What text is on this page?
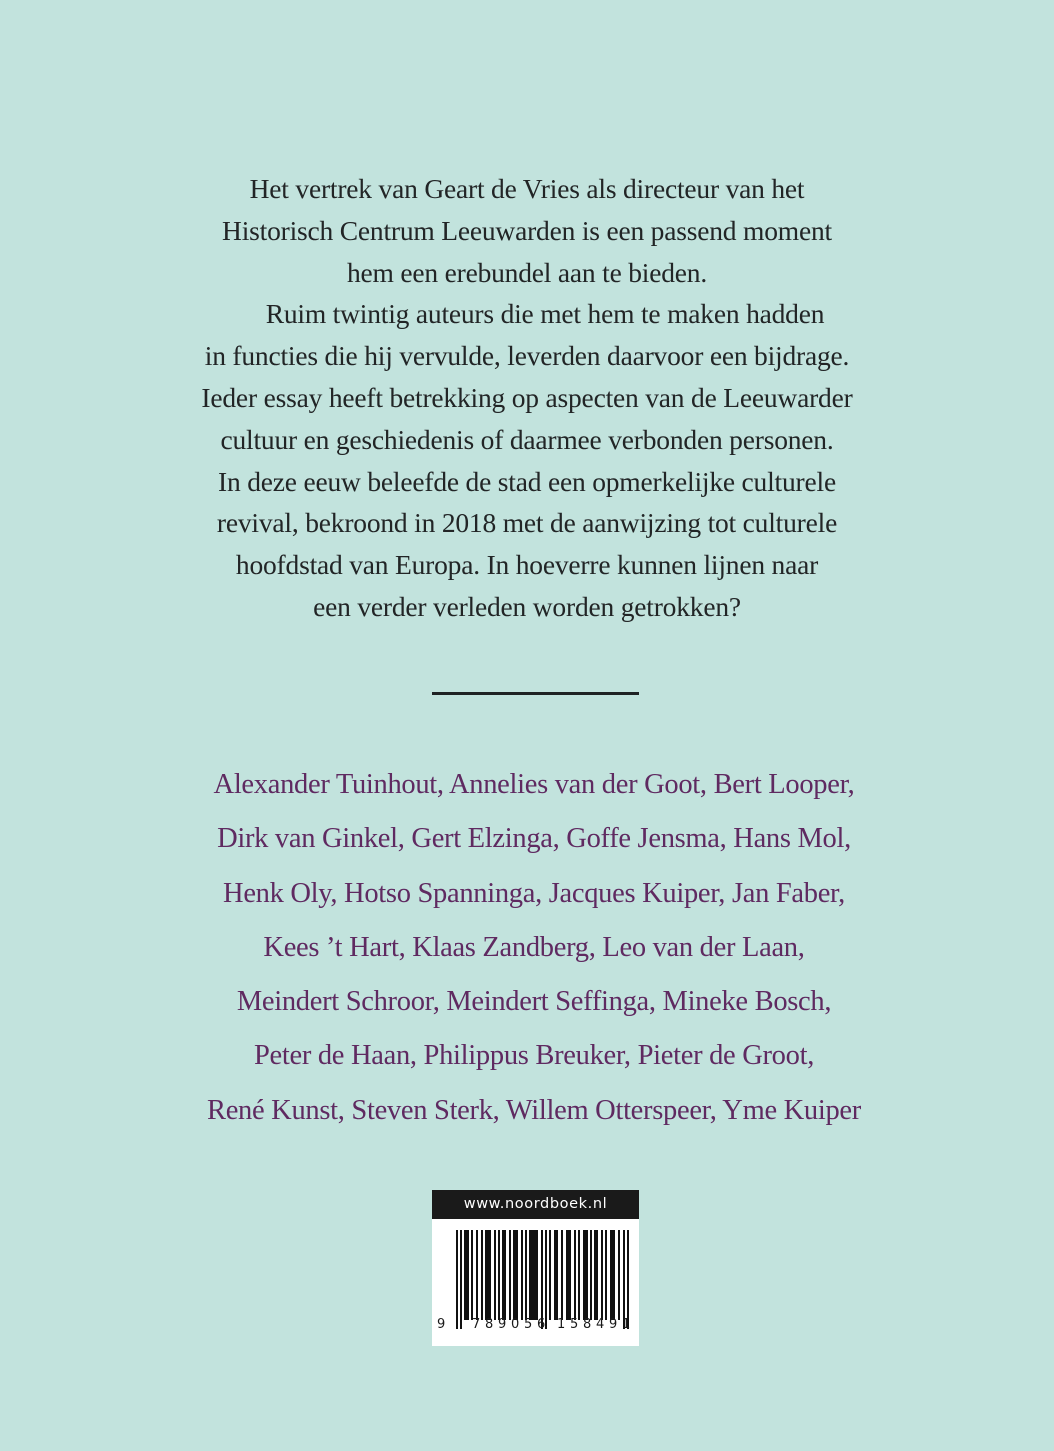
Het vertrek van Geart de Vries als directeur van het
Historisch Centrum Leeuwarden is een passend moment
hem een erebundel aan te bieden.
Ruim twintig auteurs die met hem te maken hadden
in functies die hij vervulde, leverden daarvoor een bijdrage.
Ieder essay heeft betrekking op aspecten van de Leeuwarder
cultuur en geschiedenis of daarmee verbonden personen.
In deze eeuw beleefde de stad een opmerkelijke culturele
revival, bekroond in 2018 met de aanwijzing tot culturele
hoofdstad van Europa. In hoeverre kunnen lijnen naar
een verder verleden worden getrokken?
Alexander Tuinhout, Annelies van der Goot, Bert Looper,
Dirk van Ginkel, Gert Elzinga, Goffe Jensma, Hans Mol,
Henk Oly, Hotso Spanninga, Jacques Kuiper, Jan Faber,
Kees ’t Hart, Klaas Zandberg, Leo van der Laan,
Meindert Schroor, Meindert Seffinga, Mineke Bosch,
Peter de Haan, Philippus Breuker, Pieter de Groot,
René Kunst, Steven Sterk, Willem Otterspeer, Yme Kuiper
www.noordboek.nl
9 7 8 9 0 5 6 1 5 8 4 9 1
